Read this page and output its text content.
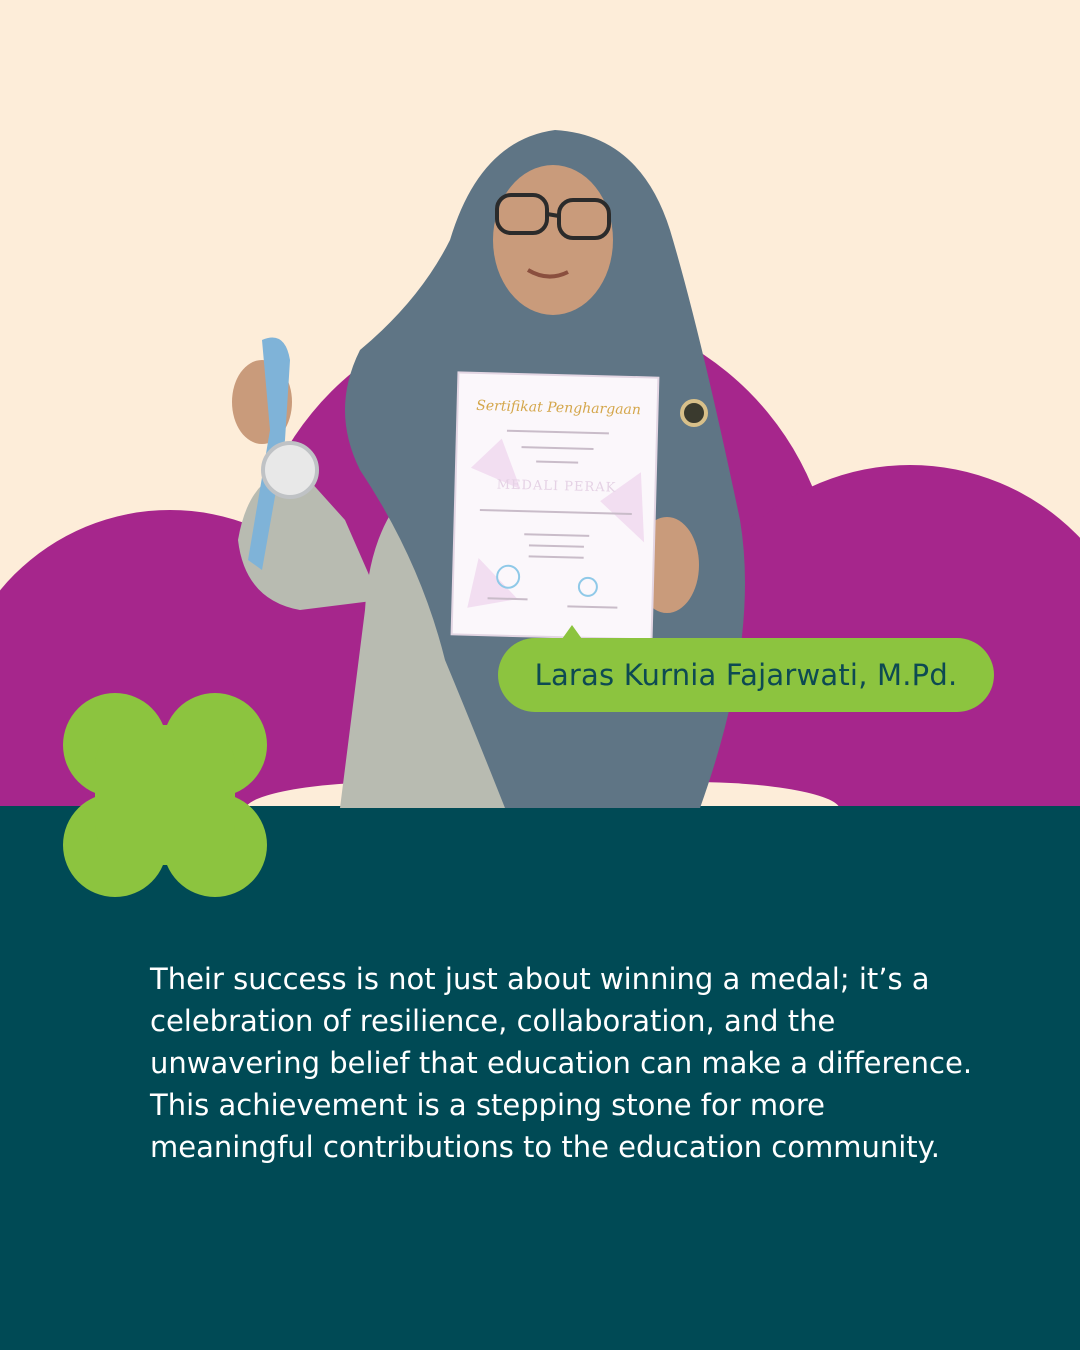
Sertifikat Penghargaan
MEDALI PERAK
Laras Kurnia Fajarwati, M.Pd.

Their success is not just about winning a medal; it’s a celebration of resilience, collaboration, and the unwavering belief that education can make a difference. This achievement is a stepping stone for more meaningful contributions to the education community.
